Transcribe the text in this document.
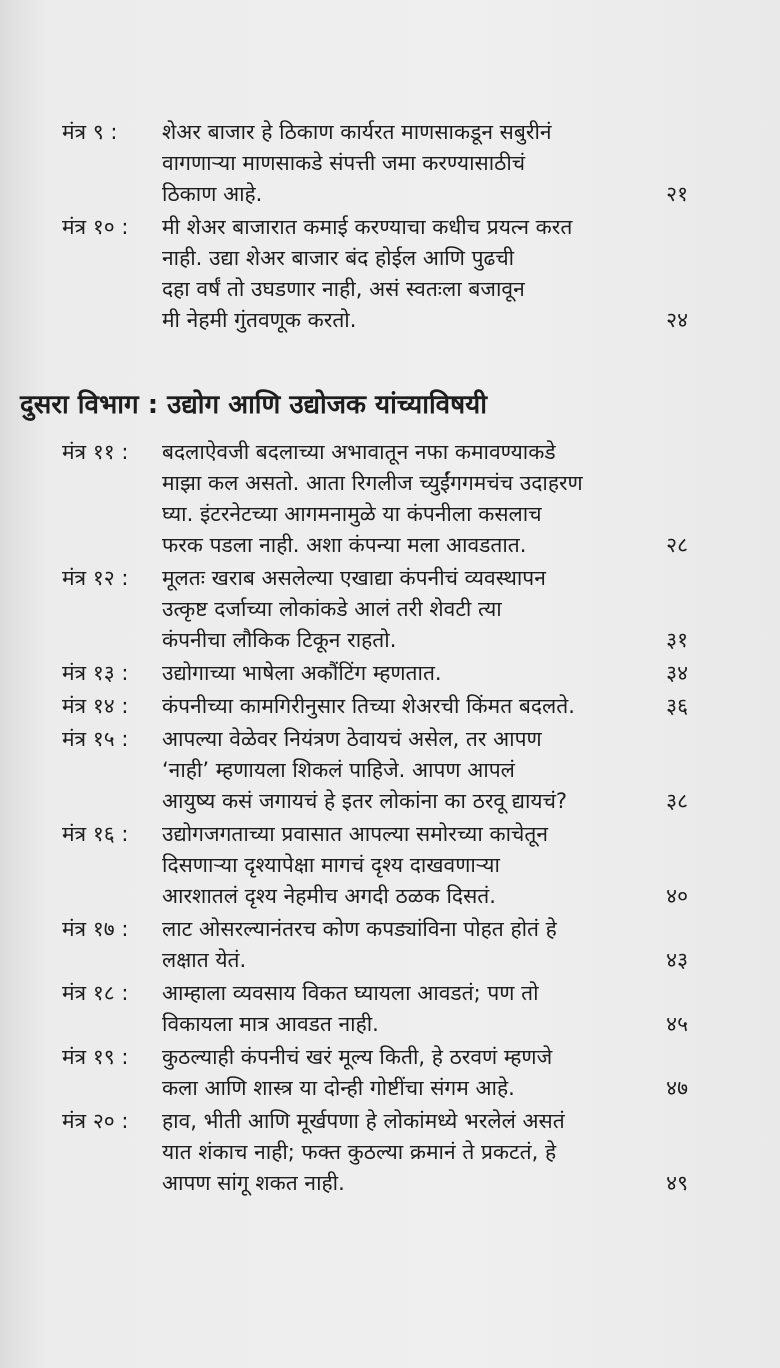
मंत्र ९ :	शेअर बाजार हे ठिकाण कार्यरत माणसाकडून सबुरीनं
वागणाऱ्या माणसाकडे संपत्ती जमा करण्यासाठीचं
ठिकाण आहे.	२१
मंत्र १० :	मी शेअर बाजारात कमाई करण्याचा कधीच प्रयत्न करत
नाही. उद्या शेअर बाजार बंद होईल आणि पुढची
दहा वर्षं तो उघडणार नाही, असं स्वतःला बजावून
मी नेहमी गुंतवणूक करतो.	२४
दुसरा विभाग : उद्योग आणि उद्योजक यांच्याविषयी
मंत्र ११ :	बदलाऐवजी बदलाच्या अभावातून नफा कमावण्याकडे
माझा कल असतो. आता रिगलीज च्युईंगगमचंच उदाहरण
घ्या. इंटरनेटच्या आगमनामुळे या कंपनीला कसलाच
फरक पडला नाही. अशा कंपन्या मला आवडतात.	२८
मंत्र १२ :	मूलतः खराब असलेल्या एखाद्या कंपनीचं व्यवस्थापन
उत्कृष्ट दर्जाच्या लोकांकडे आलं तरी शेवटी त्या
कंपनीचा लौकिक टिकून राहतो.	३१
मंत्र १३ :	उद्योगाच्या भाषेला अकौंटिंग म्हणतात.	३४
मंत्र १४ :	कंपनीच्या कामगिरीनुसार तिच्या शेअरची किंमत बदलते.	३६
मंत्र १५ :	आपल्या वेळेवर नियंत्रण ठेवायचं असेल, तर आपण
‘नाही’ म्हणायला शिकलं पाहिजे. आपण आपलं
आयुष्य कसं जगायचं हे इतर लोकांना का ठरवू द्यायचं?	३८
मंत्र १६ :	उद्योगजगताच्या प्रवासात आपल्या समोरच्या काचेतून
दिसणाऱ्या दृश्यापेक्षा मागचं दृश्य दाखवणाऱ्या
आरशातलं दृश्य नेहमीच अगदी ठळक दिसतं.	४०
मंत्र १७ :	लाट ओसरल्यानंतरच कोण कपड्यांविना पोहत होतं हे
लक्षात येतं.	४३
मंत्र १८ :	आम्हाला व्यवसाय विकत घ्यायला आवडतं; पण तो
विकायला मात्र आवडत नाही.	४५
मंत्र १९ :	कुठल्याही कंपनीचं खरं मूल्य किती, हे ठरवणं म्हणजे
कला आणि शास्त्र या दोन्ही गोष्टींचा संगम आहे.	४७
मंत्र २० :	हाव, भीती आणि मूर्खपणा हे लोकांमध्ये भरलेलं असतं
यात शंकाच नाही; फक्त कुठल्या क्रमानं ते प्रकटतं, हे
आपण सांगू शकत नाही.	४९
